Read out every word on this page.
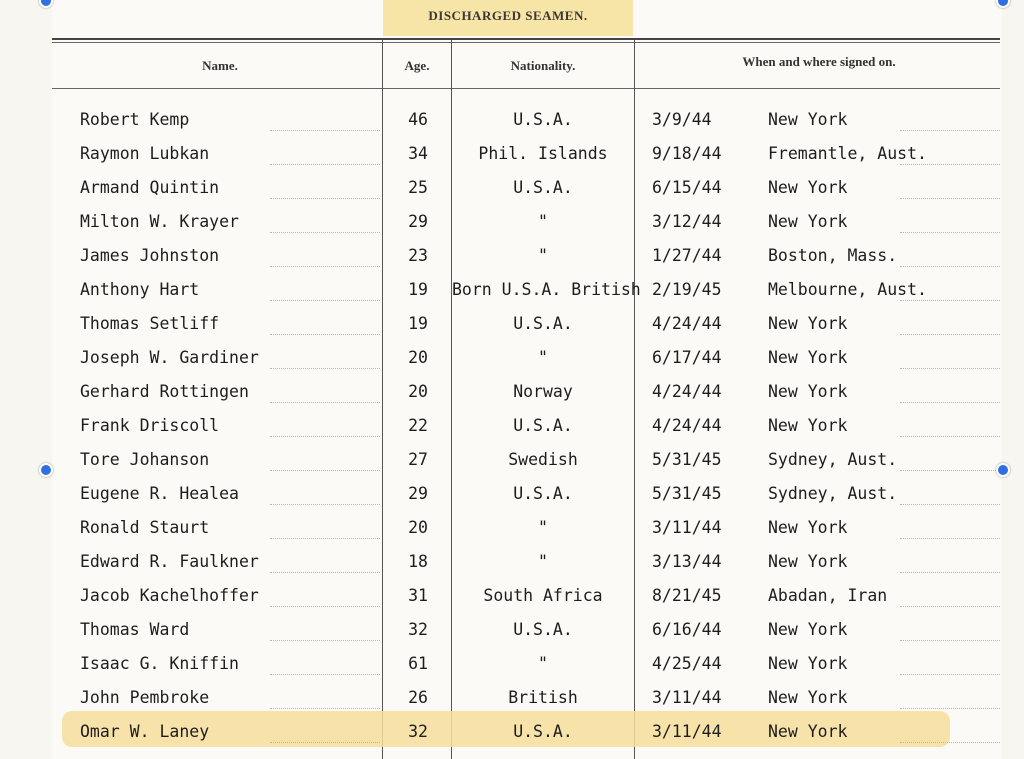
DISCHARGED SEAMEN.
Name.	Age.	Nationality.	When and where signed on.
Robert Kemp	46	U.S.A.	3/9/44	New York
Raymon Lubkan	34	Phil. Islands	9/18/44	Fremantle, Aust.
Armand Quintin	25	U.S.A.	6/15/44	New York
Milton W. Krayer	29	"	3/12/44	New York
James Johnston	23	"	1/27/44	Boston, Mass.
Anthony Hart	19	Born U.S.A. British 2/19/45	Melbourne, Aust.
Thomas Setliff	19	U.S.A.	4/24/44	New York
Joseph W. Gardiner	20	"	6/17/44	New York
Gerhard Rottingen	20	Norway	4/24/44	New York
Frank Driscoll	22	U.S.A.	4/24/44	New York
Tore Johanson	27	Swedish	5/31/45	Sydney, Aust.
Eugene R. Healea	29	U.S.A.	5/31/45	Sydney, Aust.
Ronald Staurt	20	"	3/11/44	New York
Edward R. Faulkner	18	"	3/13/44	New York
Jacob Kachelhoffer	31	South Africa	8/21/45	Abadan, Iran
Thomas Ward	32	U.S.A.	6/16/44	New York
Isaac G. Kniffin	61	"	4/25/44	New York
John Pembroke	26	British	3/11/44	New York
Omar W. Laney	32	U.S.A.	3/11/44	New York
